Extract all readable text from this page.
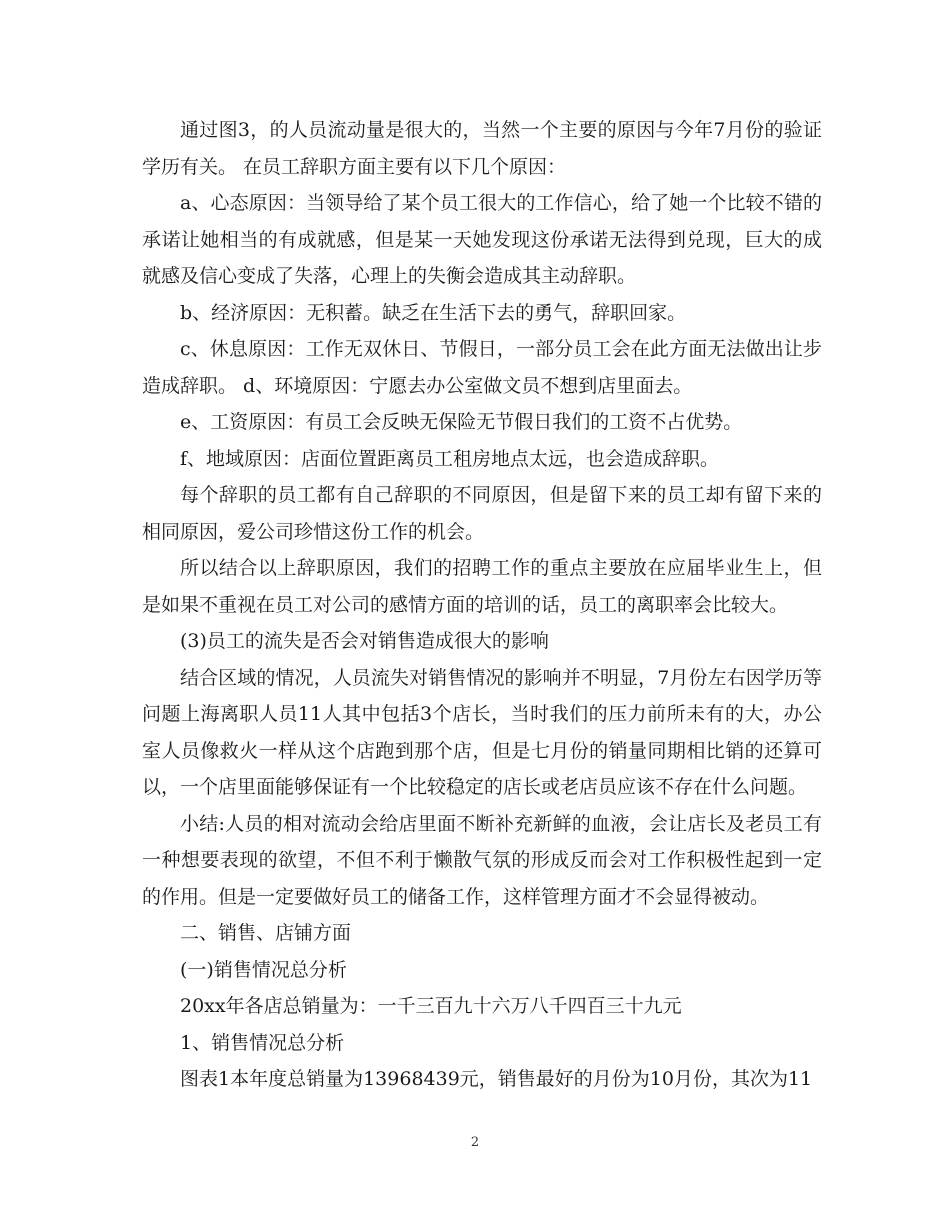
通过图3，的人员流动量是很大的，当然一个主要的原因与今年7月份的验证学历有关。 在员工辞职方面主要有以下几个原因：

a、心态原因：当领导给了某个员工很大的工作信心，给了她一个比较不错的承诺让她相当的有成就感，但是某一天她发现这份承诺无法得到兑现，巨大的成就感及信心变成了失落，心理上的失衡会造成其主动辞职。

b、经济原因：无积蓄。缺乏在生活下去的勇气，辞职回家。

c、休息原因：工作无双休日、节假日，一部分员工会在此方面无法做出让步造成辞职。 d、环境原因：宁愿去办公室做文员不想到店里面去。

e、工资原因：有员工会反映无保险无节假日我们的工资不占优势。

f、地域原因：店面位置距离员工租房地点太远，也会造成辞职。

每个辞职的员工都有自己辞职的不同原因，但是留下来的员工却有留下来的相同原因，爱公司珍惜这份工作的机会。

所以结合以上辞职原因，我们的招聘工作的重点主要放在应届毕业生上，但是如果不重视在员工对公司的感情方面的培训的话，员工的离职率会比较大。

(3)员工的流失是否会对销售造成很大的影响

结合区域的情况，人员流失对销售情况的影响并不明显，7月份左右因学历等问题上海离职人员11人其中包括3个店长，当时我们的压力前所未有的大，办公室人员像救火一样从这个店跑到那个店，但是七月份的销量同期相比销的还算可以，一个店里面能够保证有一个比较稳定的店长或老店员应该不存在什么问题。

小结:人员的相对流动会给店里面不断补充新鲜的血液，会让店长及老员工有一种想要表现的欲望，不但不利于懒散气氛的形成反而会对工作积极性起到一定的作用。但是一定要做好员工的储备工作，这样管理方面才不会显得被动。

二、销售、店铺方面

(一)销售情况总分析

20xx年各店总销量为：一千三百九十六万八千四百三十九元

1、销售情况总分析

图表1本年度总销量为13968439元，销售最好的月份为10月份，其次为11

2
